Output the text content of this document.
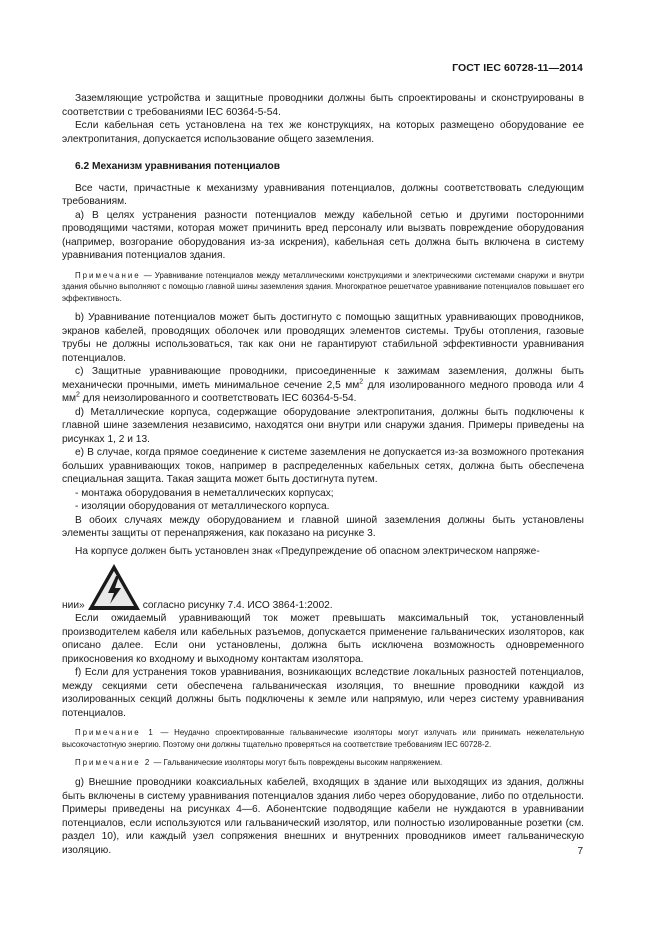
ГОСТ IEC 60728-11—2014

Заземляющие устройства и защитные проводники должны быть спроектированы и сконструированы в соответствии с требованиями IEC 60364-5-54.

Если кабельная сеть установлена на тех же конструкциях, на которых размещено оборудование ее электропитания, допускается использование общего заземления.

6.2 Механизм уравнивания потенциалов

Все части, причастные к механизму уравнивания потенциалов, должны соответствовать следующим требованиям.

а) В целях устранения разности потенциалов между кабельной сетью и другими посторонними проводящими частями, которая может причинить вред персоналу или вызвать повреждение оборудования (например, возгорание оборудования из-за искрения), кабельная сеть должна быть включена в систему уравнивания потенциалов здания.

Примечание — Уравнивание потенциалов между металлическими конструкциями и электрическими системами снаружи и внутри здания обычно выполняют с помощью главной шины заземления здания. Многократное решетчатое уравнивание потенциалов повышает его эффективность.

b) Уравнивание потенциалов может быть достигнуто с помощью защитных уравнивающих проводников, экранов кабелей, проводящих оболочек или проводящих элементов системы. Трубы отопления, газовые трубы не должны использоваться, так как они не гарантируют стабильной эффективности уравнивания потенциалов.

с) Защитные уравнивающие проводники, присоединенные к зажимам заземления, должны быть механически прочными, иметь минимальное сечение 2,5 $мм^2$ для изолированного медного провода или 4 $мм^2$ для неизолированного и соответствовать IEC 60364-5-54.

d) Металлические корпуса, содержащие оборудование электропитания, должны быть подключены к главной шине заземления независимо, находятся они внутри или снаружи здания. Примеры приведены на рисунках 1, 2 и 13.

е) В случае, когда прямое соединение к системе заземления не допускается из-за возможного протекания больших уравнивающих токов, например в распределенных кабельных сетях, должна быть обеспечена специальная защита. Такая защита может быть достигнута путем.

- монтажа оборудования в неметаллических корпусах;

- изоляции оборудования от металлического корпуса.

В обоих случаях между оборудованием и главной шиной заземления должны быть установлены элементы защиты от перенапряжения, как показано на рисунке 3.

На корпусе должен быть установлен знак «Предупреждение об опасном электрическом напряже-

нии»	согласно рисунку 7.4. ИСО 3864-1:2002.

Если ожидаемый уравнивающий ток может превышать максимальный ток, установленный производителем кабеля или кабельных разъемов, допускается применение гальванических изоляторов, как описано далее. Если они установлены, должна быть исключена возможность одновременного прикосновения ко входному и выходному контактам изолятора.

f) Если для устранения токов уравнивания, возникающих вследствие локальных разностей потенциалов, между секциями сети обеспечена гальваническая изоляция, то внешние проводники каждой из изолированных секций должны быть подключены к земле или напрямую, или через систему уравнивания потенциалов.

Примечание 1 — Неудачно спроектированные гальванические изоляторы могут излучать или принимать нежелательную высокочастотную энергию. Поэтому они должны тщательно проверяться на соответствие требованиям IEC 60728-2.

Примечание 2 — Гальванические изоляторы могут быть повреждены высоким напряжением.

g) Внешние проводники коаксиальных кабелей, входящих в здание или выходящих из здания, должны быть включены в систему уравнивания потенциалов здания либо через оборудование, либо по отдельности. Примеры приведены на рисунках 4—6. Абонентские подводящие кабели не нуждаются в уравнивании потенциалов, если используются или гальванический изолятор, или полностью изолированные розетки (см. раздел 10), или каждый узел сопряжения внешних и внутренних проводников имеет гальваническую изоляцию.	7
